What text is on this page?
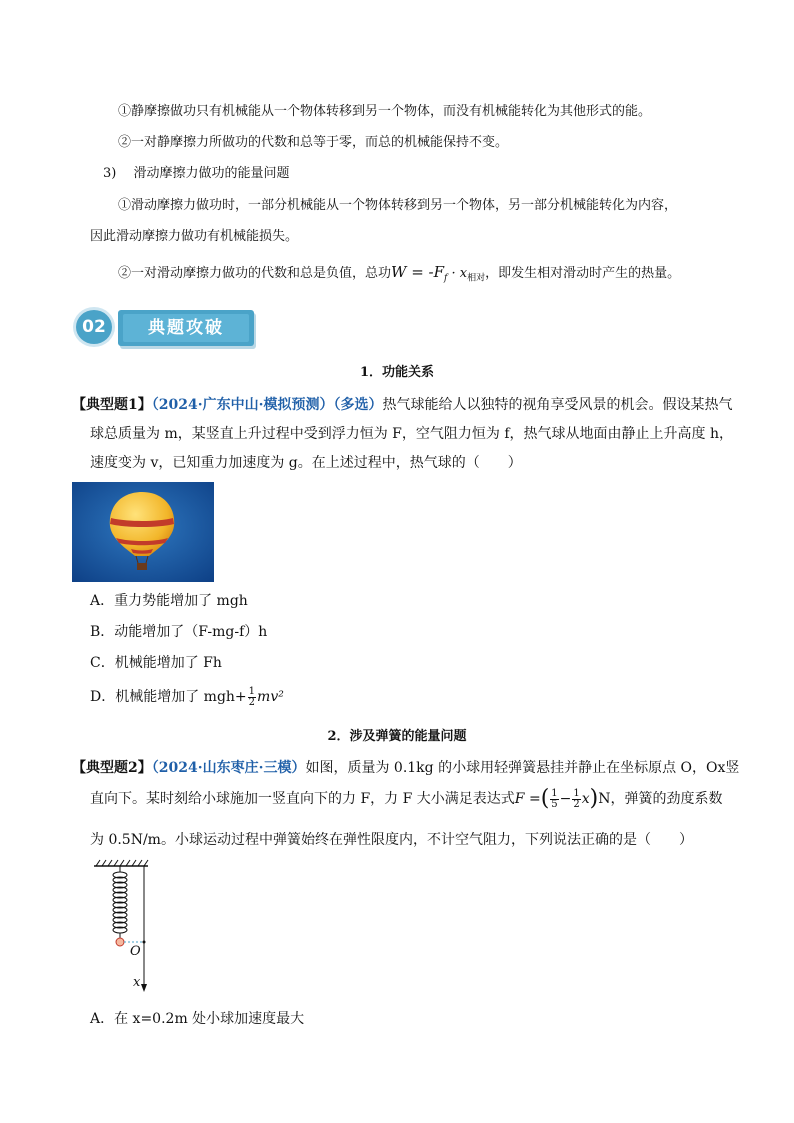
①静摩擦做功只有机械能从一个物体转移到另一个物体，而没有机械能转化为其他形式的能。
②一对静摩擦力所做功的代数和总等于零，而总的机械能保持不变。
3)　 滑动摩擦力做功的能量问题
①滑动摩擦力做功时，一部分机械能从一个物体转移到另一个物体，另一部分机械能转化为内容，
因此滑动摩擦力做功有机械能损失。
②一对滑动摩擦力做功的代数和总是负值，总功$W = -F_f \cdot x_{相对}$，即发生相对滑动时产生的热量。
02	典题攻破
1．功能关系
【典型题1】（2024·广东中山·模拟预测）（多选）热气球能给人以独特的视角享受风景的机会。假设某热气
球总质量为 m，某竖直上升过程中受到浮力恒为 F，空气阻力恒为 f，热气球从地面由静止上升高度 h，
速度变为 v，已知重力加速度为 g。在上述过程中，热气球的（　　）
A．重力势能增加了 mgh
B．动能增加了（F-mg-f）h
C．机械能增加了 Fh
D．机械能增加了 $mgh+ \frac{1}{2} mv^2$
2．涉及弹簧的能量问题
【典型题2】（2024·山东枣庄·三模）如图，质量为 0.1kg 的小球用轻弹簧悬挂并静止在坐标原点 O，Ox竖
直向下。某时刻给小球施加一竖直向下的力 F，力 F 大小满足表达式F =( $\frac{1}{5} - \frac{1}{2} x)N$，弹簧的劲度系数
为 0.5N/m。小球运动过程中弹簧始终在弹性限度内，不计空气阻力，下列说法正确的是（　　）
O
x
A．在 x=0.2m 处小球加速度最大
